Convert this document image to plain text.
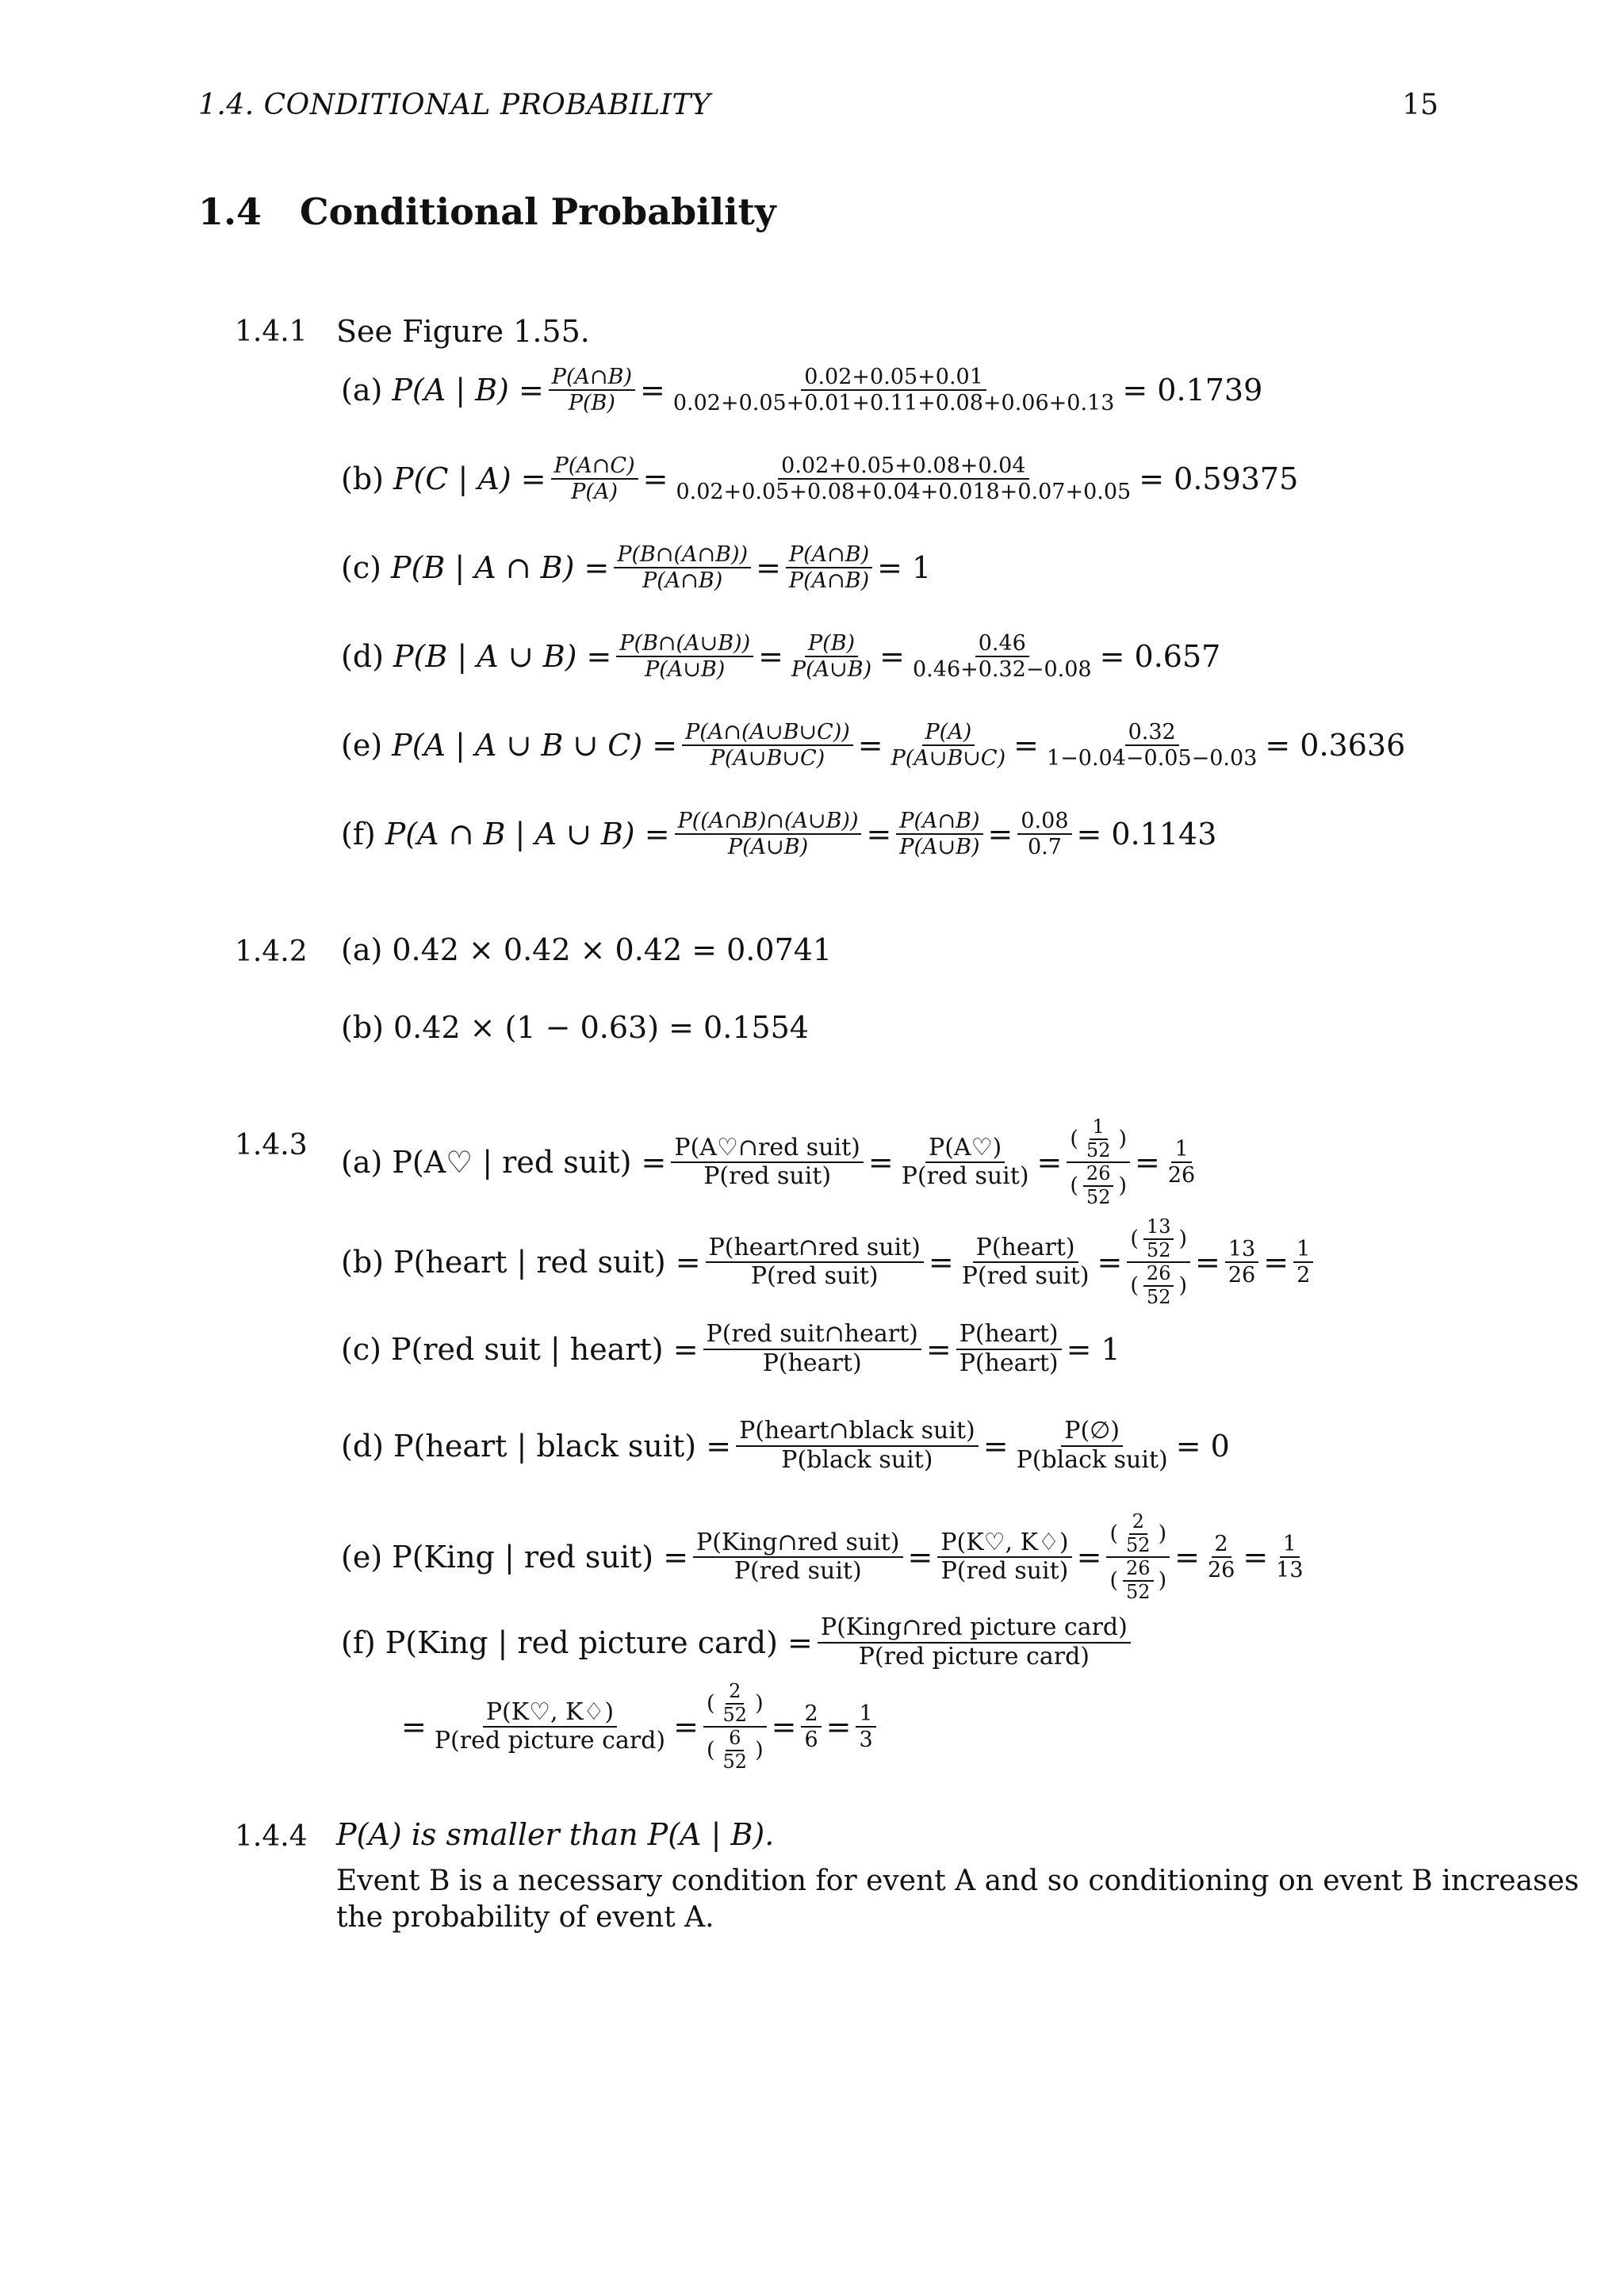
1.4. CONDITIONAL PROBABILITY	15
1.4 Conditional Probability
1.4.1 See Figure 1.55.
(a) P(A | $B) = \frac{P(A\cap B)}{P(B)} = \frac{0.02+0.05+0.01}{0.02+0.05+0.01+0.11+0.08+0.06+0.13} = 0.1739$
(b) P(C | $A) = \frac{P(A\cap C)}{P(A)} = \frac{0.02+0.05+0.08+0.04}{0.02+0.05+0.08+0.04+0.018+0.07+0.05} = 0.59375$
(c) P(B | A ∩ $B) = \frac{P(B\cap(A\cap B))}{P(A\cap B)} = \frac{P(A\cap B)}{P(A\cap B)} = 1$
(d) P(B | A ∪ $B) = \frac{P(B\cap(A\cup B))}{P(A\cup B)} = \frac{P(B)}{P(A\cup B)} = \frac{0.46}{0.46+0.32-0.08} = 0.657$
(e) P(A | A ∪ B ∪ $C) = \frac{P(A\cap(A\cup B\cup C))}{P(A\cup B\cup C)} = \frac{P(A)}{P(A\cup B\cup C)} = \frac{0.32}{1-0.04-0.05-0.03} = 0.3636$
(f) P(A ∩ B | A ∪ $B) = \frac{P((A\cap B)\cap(A\cup B))}{P(A\cup B)} = \frac{P(A\cap B)}{P(A\cup B)} = \frac{0.08}{0.7} = 0.1143$
1.4.2 (a) 0.42 × 0.42 × 0.42 = 0.0741
(b) 0.42 × (1 − 0.63) = 0.1554
1.4.3 (a) P(A♡ | red suit) = $\frac{\text{P(A♡∩red suit)}}{\text{P(red suit)}} = \frac{P(A♡)}{\text{P(red suit)}} = \frac{( \frac{1}{52} )}{( \frac{26}{52} )} = \frac{1}{26}$
(b) P(heart | red suit) = $\frac{\text{P(heart∩red suit)}}{\text{P(red suit)}} = \frac{\text{P(heart)}}{\text{P(red suit)}} = \frac{( \frac{13}{52} )}{( \frac{26}{52} )} = \frac{13}{26} = \frac{1}{2}$
(c) P(red suit | heart) = $\frac{\text{P(red suit∩heart)}}{\text{P(heart)}} = \frac{\text{P(heart)}}{\text{P(heart)}} = 1$
(d) P(heart | black suit) = $\frac{\text{P(heart∩black suit)}}{\text{P(black suit)}} = \frac{P(\emptyset)}{\text{P(black suit)}} = 0$
(e) P(King | red suit) = $\frac{\text{P(King∩red suit)}}{\text{P(red suit)}} = \frac{P(K♡, K♢)}{\text{P(red suit)}} = \frac{( \frac{2}{52} )}{( \frac{26}{52} )} = \frac{2}{26} = \frac{1}{13}$
(f) P(King | red picture card) = $\frac{\text{P(King∩red picture card)}}{\text{P(red picture card)}}$
= $\frac{P(K♡, K♢)}{\text{P(red picture card)}} = \frac{( \frac{2}{52} )}{( \frac{6}{52} )} = \frac{2}{6} = \frac{1}{3}$
1.4.4 P(A) is smaller than P(A | B).
Event B is a necessary condition for event A and so conditioning on event B increases the probability of event A.
